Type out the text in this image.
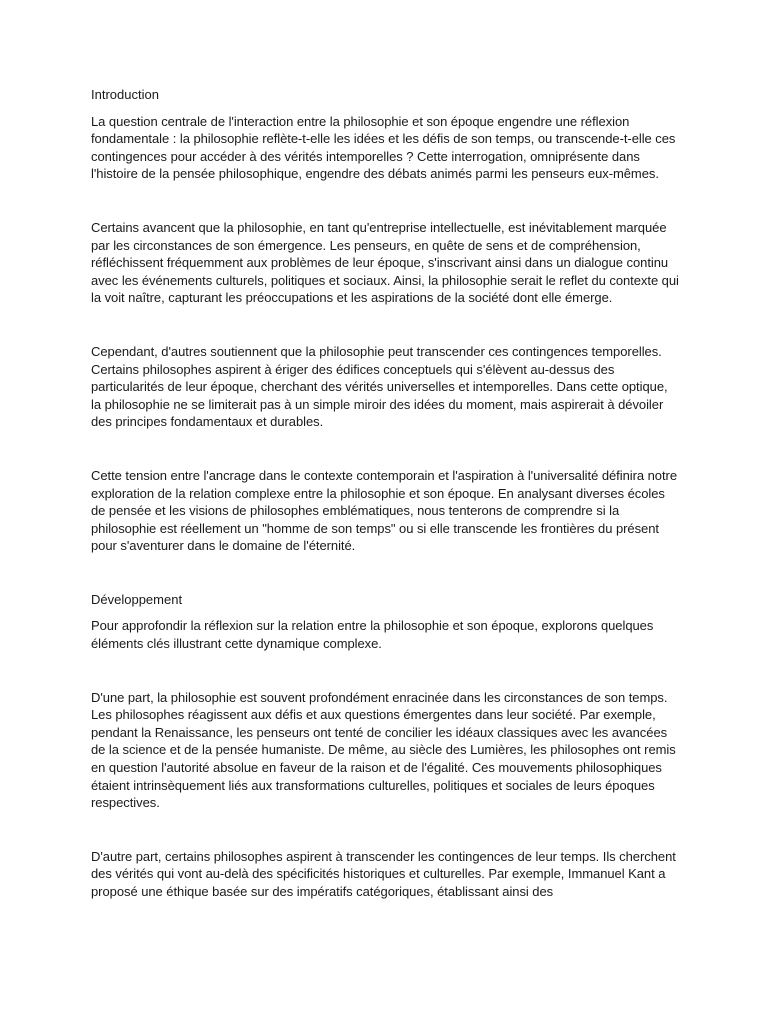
Introduction

La question centrale de l'interaction entre la philosophie et son époque engendre une réflexion fondamentale : la philosophie reflète-t-elle les idées et les défis de son temps, ou transcende-t-elle ces contingences pour accéder à des vérités intemporelles ? Cette interrogation, omniprésente dans l'histoire de la pensée philosophique, engendre des débats animés parmi les penseurs eux-mêmes.

Certains avancent que la philosophie, en tant qu'entreprise intellectuelle, est inévitablement marquée par les circonstances de son émergence. Les penseurs, en quête de sens et de compréhension, réfléchissent fréquemment aux problèmes de leur époque, s'inscrivant ainsi dans un dialogue continu avec les événements culturels, politiques et sociaux. Ainsi, la philosophie serait le reflet du contexte qui la voit naître, capturant les préoccupations et les aspirations de la société dont elle émerge.

Cependant, d'autres soutiennent que la philosophie peut transcender ces contingences temporelles. Certains philosophes aspirent à ériger des édifices conceptuels qui s'élèvent au-dessus des particularités de leur époque, cherchant des vérités universelles et intemporelles. Dans cette optique, la philosophie ne se limiterait pas à un simple miroir des idées du moment, mais aspirerait à dévoiler des principes fondamentaux et durables.

Cette tension entre l'ancrage dans le contexte contemporain et l'aspiration à l'universalité définira notre exploration de la relation complexe entre la philosophie et son époque. En analysant diverses écoles de pensée et les visions de philosophes emblématiques, nous tenterons de comprendre si la philosophie est réellement un "homme de son temps" ou si elle transcende les frontières du présent pour s'aventurer dans le domaine de l'éternité.

Développement

Pour approfondir la réflexion sur la relation entre la philosophie et son époque, explorons quelques éléments clés illustrant cette dynamique complexe.

D'une part, la philosophie est souvent profondément enracinée dans les circonstances de son temps. Les philosophes réagissent aux défis et aux questions émergentes dans leur société. Par exemple, pendant la Renaissance, les penseurs ont tenté de concilier les idéaux classiques avec les avancées de la science et de la pensée humaniste. De même, au siècle des Lumières, les philosophes ont remis en question l'autorité absolue en faveur de la raison et de l'égalité. Ces mouvements philosophiques étaient intrinsèquement liés aux transformations culturelles, politiques et sociales de leurs époques respectives.

D'autre part, certains philosophes aspirent à transcender les contingences de leur temps. Ils cherchent des vérités qui vont au-delà des spécificités historiques et culturelles. Par exemple, Immanuel Kant a proposé une éthique basée sur des impératifs catégoriques, établissant ainsi des
